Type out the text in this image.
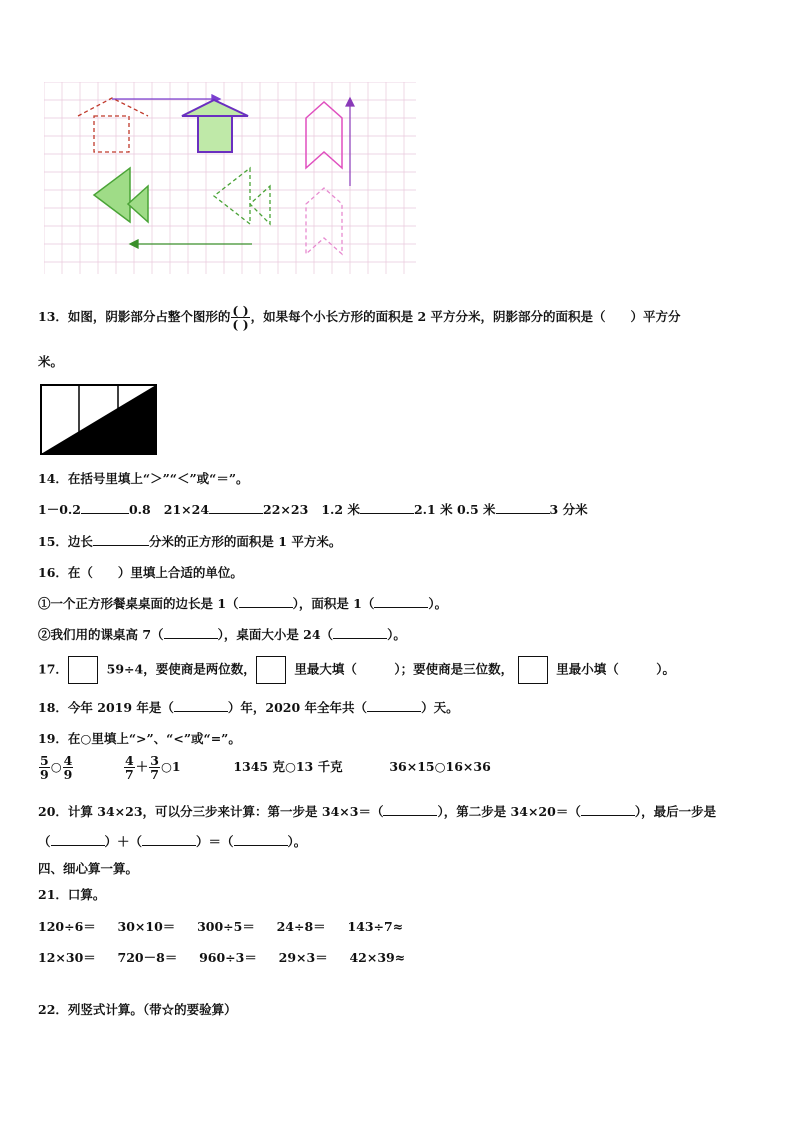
13．如图，阴影部分占整个图形的 $\frac{( )}{( )}$ ，如果每个小长方形的面积是 2 平方分米，阴影部分的面积是（　　）平方分
米。
14．在括号里填上“＞”“＜”或“＝”。
1－0.2	0.8 21×24	22×23 1.2 米	2.1 米 0.5 米	3 分米
15．边长	分米的正方形的面积是 1 平方米。
16．在（　　）里填上合适的单位。
①一个正方形餐桌桌面的边长是 1（	），面积是 1（	）。
②我们用的课桌高 7（	），桌面大小是 24（	）。
17．	59÷4，要使商是两位数，	里最大填（　　　）；要使商是三位数，	里最小填（　　　）。
18．今年 2019 年是（	）年，2020 年全年共（	）天。
19．在○里填上“>”、“<”或“=”。
$\frac{5}{9}$ ○ $\frac{4}{9}$
	$\frac{4}{7} + \frac{3}{7}$ ○1	1345 克○13 千克	36×15○16×36
20．计算 34×23，可以分三步来计算：第一步是 34×3＝（	），第二步是 34×20＝（	），最后一步是
（	）＋（	）＝（	）。
四、细心算一算。
21．口算。
120÷6＝ 30×10＝ 300÷5＝ 24÷8＝ 143÷7≈
12×30＝ 720－8＝ 960÷3＝ 29×3＝ 42×39≈
22．列竖式计算。（带☆的要验算）
